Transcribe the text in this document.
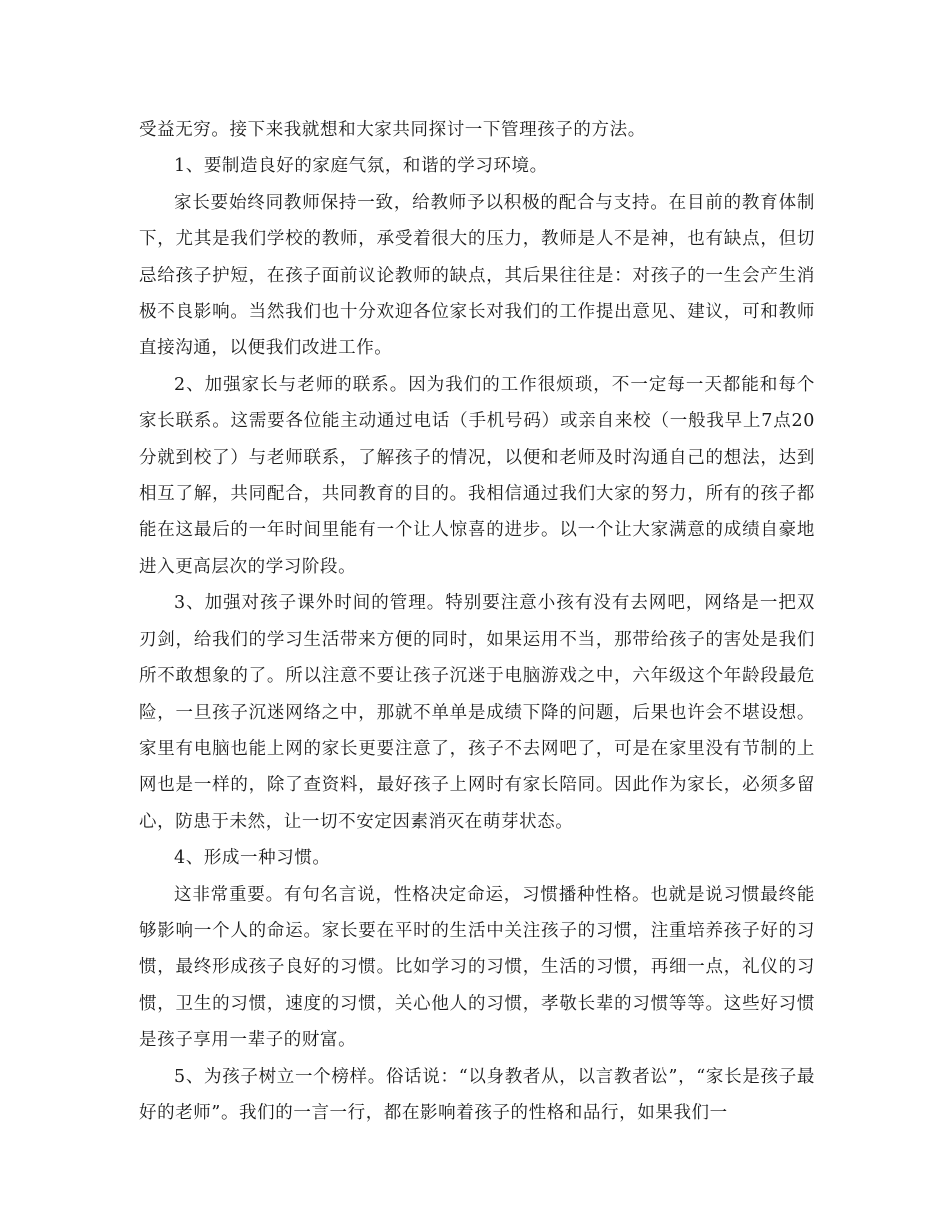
受益无穷。接下来我就想和大家共同探讨一下管理孩子的方法。

1、要制造良好的家庭气氛，和谐的学习环境。

家长要始终同教师保持一致，给教师予以积极的配合与支持。在目前的教育体制下，尤其是我们学校的教师，承受着很大的压力，教师是人不是神，也有缺点，但切忌给孩子护短，在孩子面前议论教师的缺点，其后果往往是：对孩子的一生会产生消极不良影响。当然我们也十分欢迎各位家长对我们的工作提出意见、建议，可和教师直接沟通，以便我们改进工作。

2、加强家长与老师的联系。因为我们的工作很烦琐，不一定每一天都能和每个家长联系。这需要各位能主动通过电话（手机号码）或亲自来校（一般我早上7点20分就到校了）与老师联系，了解孩子的情况，以便和老师及时沟通自己的想法，达到相互了解，共同配合，共同教育的目的。我相信通过我们大家的努力，所有的孩子都能在这最后的一年时间里能有一个让人惊喜的进步。以一个让大家满意的成绩自豪地进入更高层次的学习阶段。

3、加强对孩子课外时间的管理。特别要注意小孩有没有去网吧，网络是一把双刃剑，给我们的学习生活带来方便的同时，如果运用不当，那带给孩子的害处是我们所不敢想象的了。所以注意不要让孩子沉迷于电脑游戏之中，六年级这个年龄段最危险，一旦孩子沉迷网络之中，那就不单单是成绩下降的问题，后果也许会不堪设想。家里有电脑也能上网的家长更要注意了，孩子不去网吧了，可是在家里没有节制的上网也是一样的，除了查资料，最好孩子上网时有家长陪同。因此作为家长，必须多留心，防患于未然，让一切不安定因素消灭在萌芽状态。

4、形成一种习惯。

这非常重要。有句名言说，性格决定命运，习惯播种性格。也就是说习惯最终能够影响一个人的命运。家长要在平时的生活中关注孩子的习惯，注重培养孩子好的习惯，最终形成孩子良好的习惯。比如学习的习惯，生活的习惯，再细一点，礼仪的习惯，卫生的习惯，速度的习惯，关心他人的习惯，孝敬长辈的习惯等等。这些好习惯是孩子享用一辈子的财富。

5、为孩子树立一个榜样。俗话说：“以身教者从，以言教者讼”，“家长是孩子最好的老师”。我们的一言一行，都在影响着孩子的性格和品行，如果我们一
